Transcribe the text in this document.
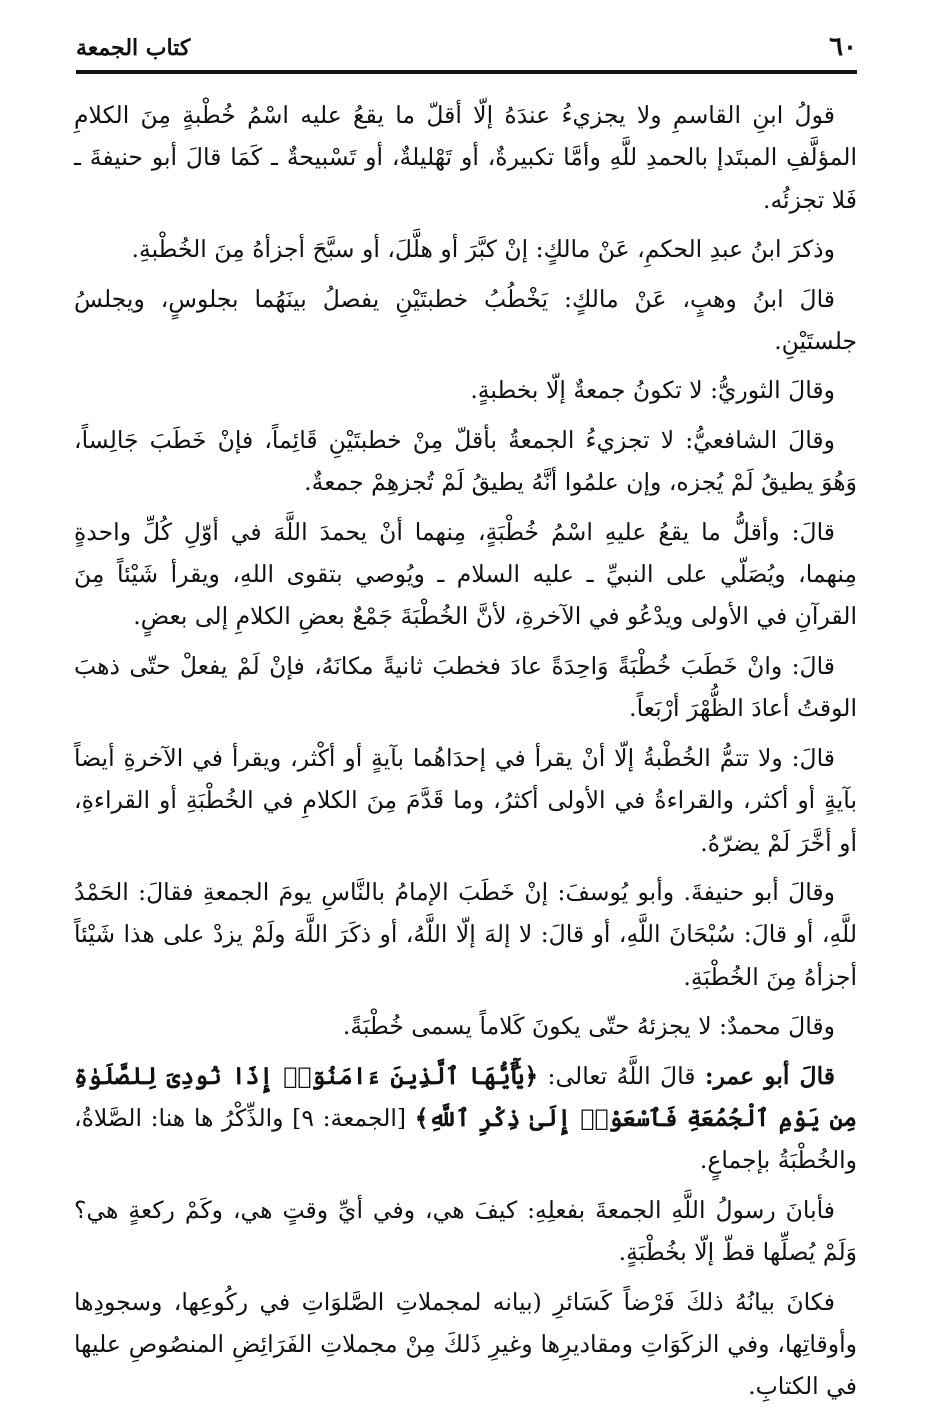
٦٠
كتاب الجمعة

قولُ ابنِ القاسمِ ولا يجزيءُ عندَهُ إلّا أقلّ ما يقعُ عليه اسْمُ خُطْبةٍ مِنَ الكلامِ المؤلَّفِ المبتَدإ بالحمدِ للَّهِ وأمَّا تكبيرةٌ، أو تَهْليلةٌ، أو تَسْبيحةٌ ـ كَمَا قالَ أبو حنيفةَ ـ فَلا تجزئُه.

وذكرَ ابنُ عبدِ الحكمِ، عَنْ مالكٍ: إنْ كبَّرَ أو هلَّلَ، أو سبَّحَ أجزأهُ مِنَ الخُطْبةِ.

قالَ ابنُ وهبٍ، عَنْ مالكٍ: يَخْطُبُ خطبتَيْنِ يفصلُ بينَهُما بجلوسٍ، ويجلسُ جلستَيْنِ.

وقالَ الثوريُّ: لا تكونُ جمعةٌ إلّا بخطبةٍ.

وقالَ الشافعيُّ: لا تجزيءُ الجمعةُ بأقلّ مِنْ خطبتَيْنِ قَائِماً، فإنْ خَطَبَ جَالِساً، وَهُوَ يطيقُ لَمْ يُجزه، وإن علمُوا أنَّهُ يطيقُ لَمْ تُجزهِمْ جمعةٌ.

قالَ: وأقلُّ ما يقعُ عليهِ اسْمُ خُطْبَةٍ، مِنهما أنْ يحمدَ اللَّهَ في أوّلِ كُلِّ واحدةٍ مِنهما، ويُصَلّي على النبيِّ ـ عليه السلام ـ ويُوصي بتقوى اللهِ، ويقرأ شَيْئاً مِنَ القرآنِ في الأولى ويدْعُو في الآخرةِ، لأنَّ الخُطْبَةَ جَمْعٌ بعضِ الكلامِ إلى بعضٍ.

قالَ: وانْ خَطَبَ خُطْبَةً وَاحِدَةً عادَ فخطبَ ثانيةً مكانَهُ، فإنْ لَمْ يفعلْ حتّى ذهبَ الوقتُ أعادَ الظُّهْرَ أرْبَعاً.

قالَ: ولا تتمُّ الخُطْبةُ إلّا أنْ يقرأ في إحدَاهُما بآيةٍ أو أكْثر، ويقرأ في الآخرةِ أيضاً بآيةٍ أو أكثر، والقراءةُ في الأولى أكثرُ، وما قَدَّمَ مِنَ الكلامِ في الخُطْبَةِ أو القراءةِ، أو أخَّرَ لَمْ يضرّهُ.

وقالَ أبو حنيفةَ. وأبو يُوسفَ: إنْ خَطَبَ الإمامُ بالنَّاسِ يومَ الجمعةِ فقالَ: الحَمْدُ للَّهِ، أو قالَ: سُبْحَانَ اللَّهِ، أو قالَ: لا إلهَ إلّا اللَّهُ، أو ذكَرَ اللَّهَ ولَمْ يزدْ على هذا شَيْئاً أجزأهُ مِنَ الخُطْبَةِ.

وقالَ محمدٌ: لا يجزئهُ حتّى يكونَ كَلاماً يسمى خُطْبَةً.

قالَ أبو عمر: قالَ اللَّهُ تعالى: ﴿يَٰٓأَيُّهَا ٱلَّذِينَ ءَامَنُوٓا۟ إِذَا نُودِىَ لِلصَّلَوٰةِ مِن يَوْمِ ٱلْجُمُعَةِ فَٱسْعَوْا۟ إِلَىٰ ذِكْرِ ٱللَّهِ﴾ [الجمعة: ٩] والذِّكْرُ ها هنا: الصَّلاةُ، والخُطْبَةُ بإجماعٍ.

فأبانَ رسولُ اللَّهِ الجمعةَ بفعلِهِ: كيفَ هي، وفي أيِّ وقتٍ هي، وكَمْ ركعةٍ هي؟ وَلَمْ يُصلِّها قطّ إلّا بخُطْبَةٍ.

فكانَ بيانُهُ ذلكَ فَرْضاً كَسَائرِ (بيانه لمجملاتِ الصَّلوَاتِ في ركُوعِها، وسجودِها وأوقاتِها، وفي الزكَوَاتِ ومقاديرِها وغيرِ ذَلكَ مِنْ مجملاتِ الفَرَائِضِ المنصُوصِ عليها في الكتابِ.
